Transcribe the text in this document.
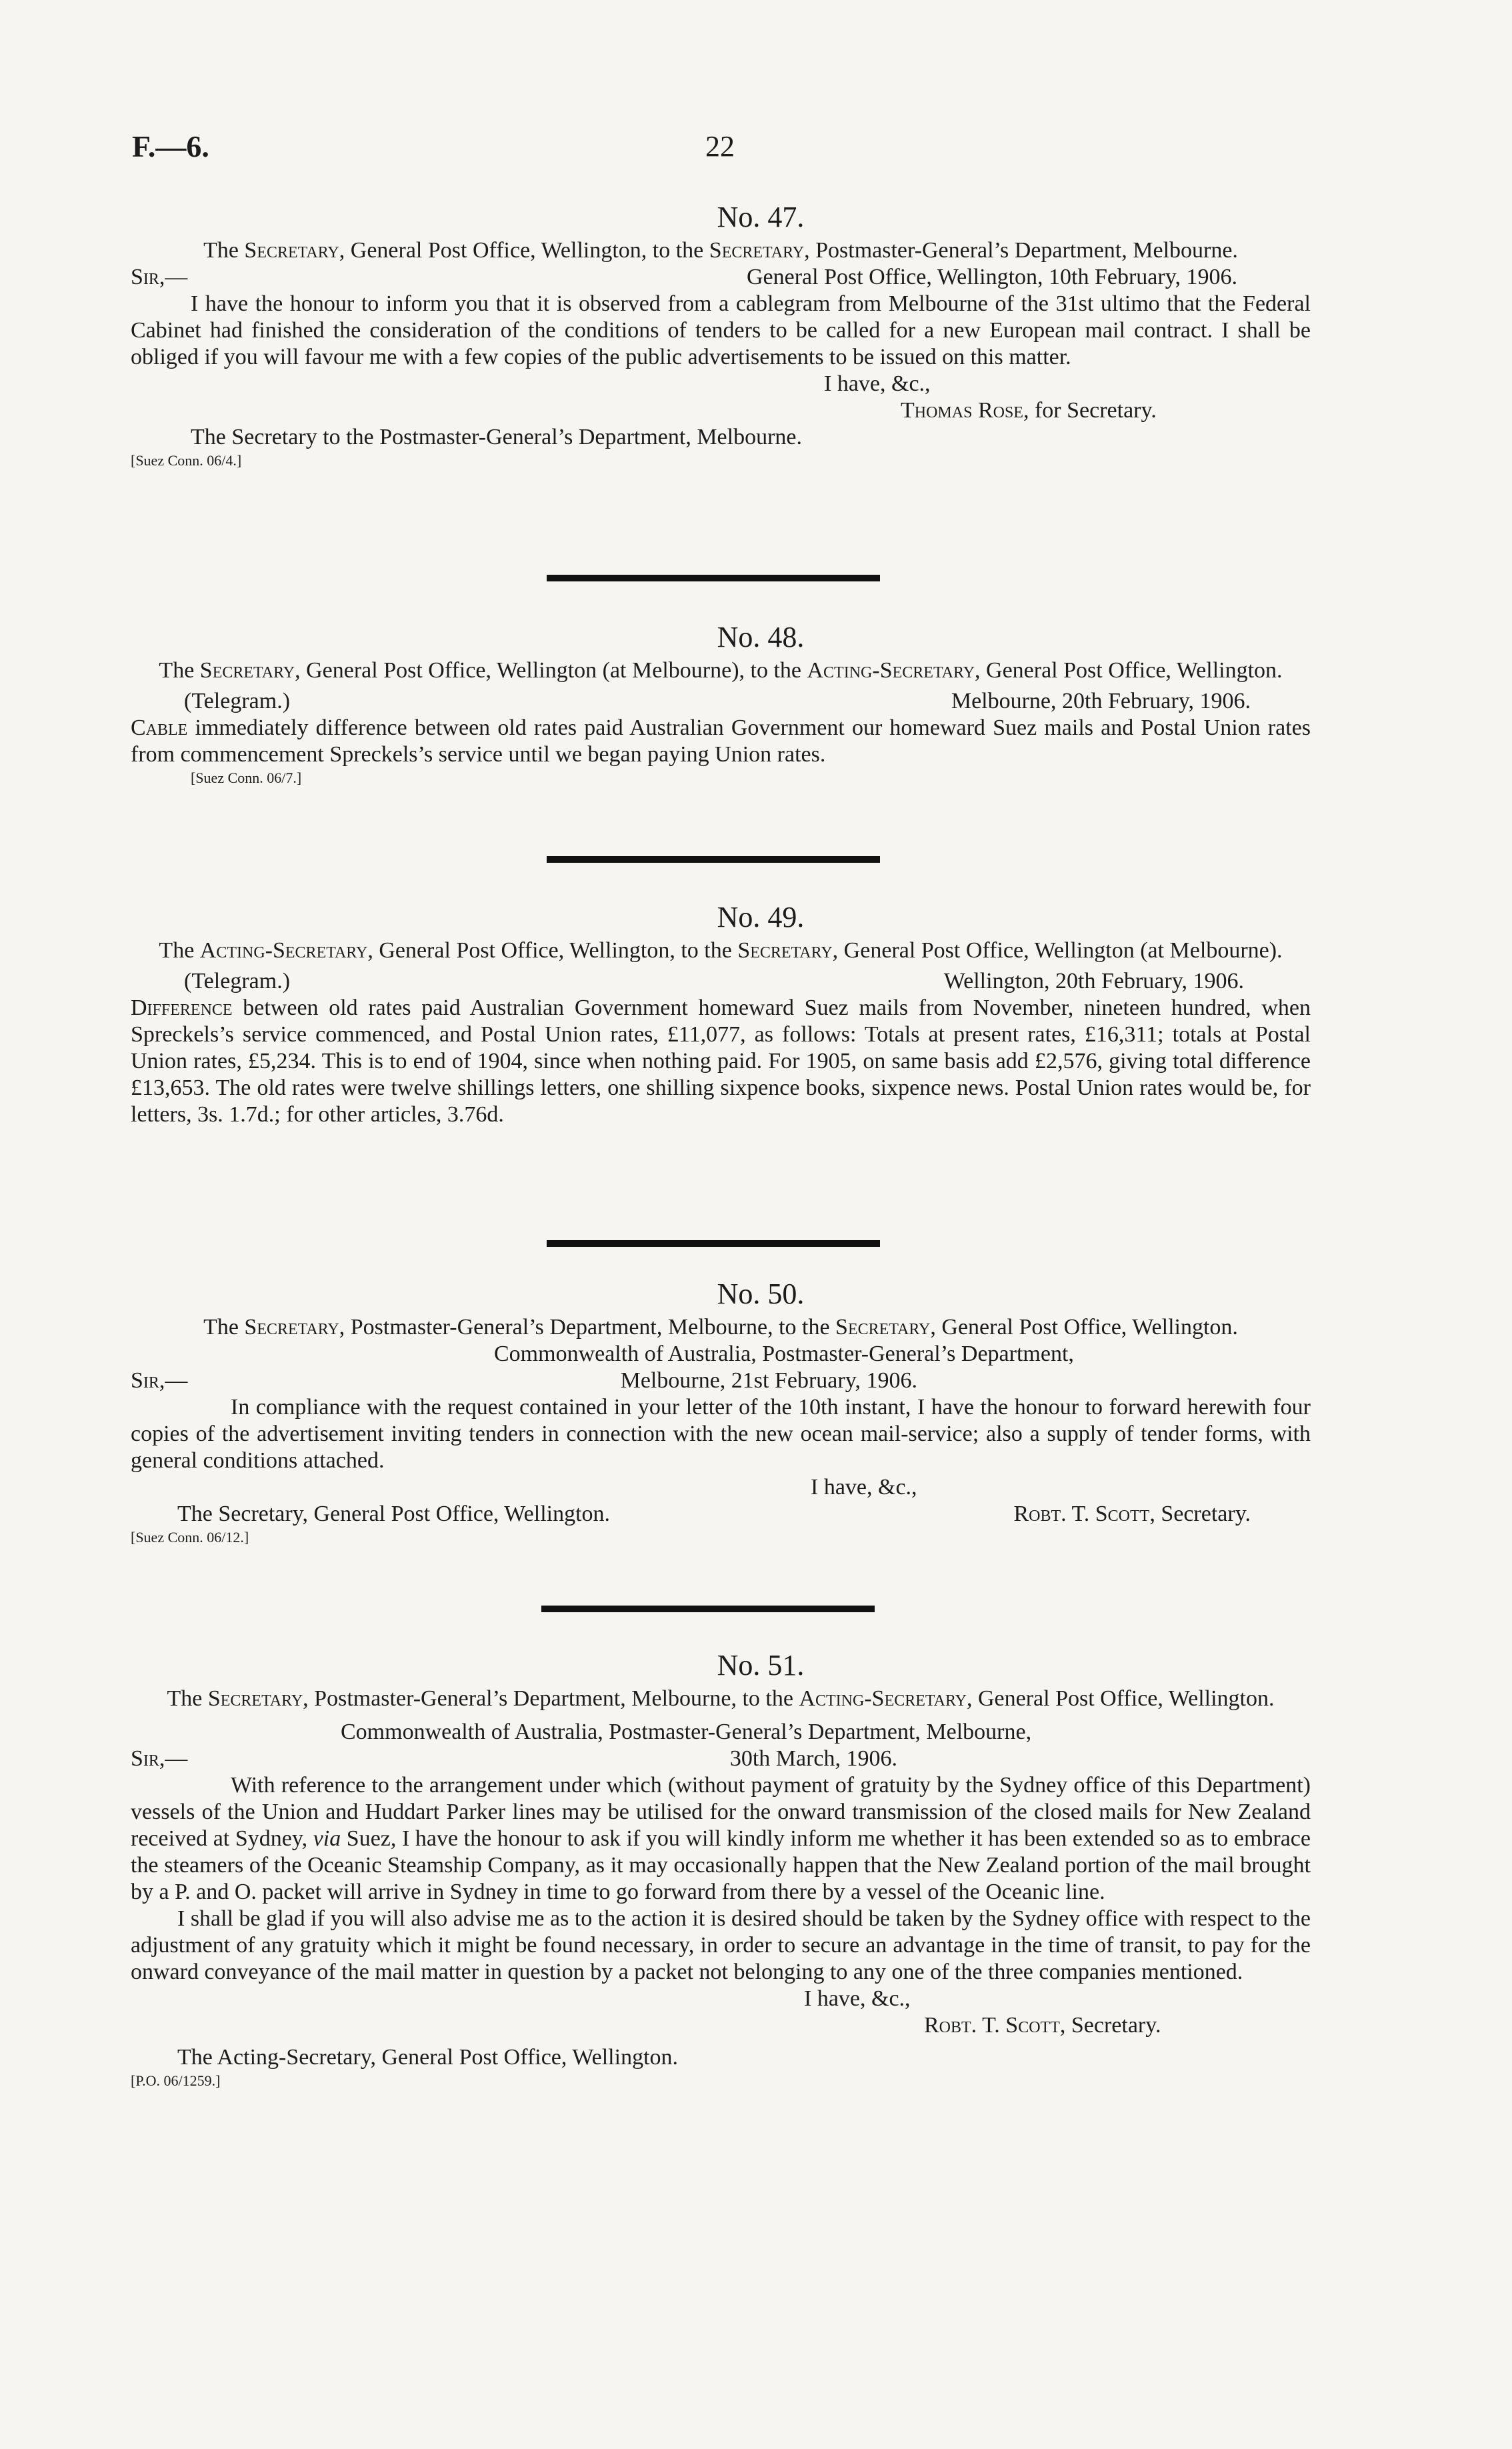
F.—6.	22
No. 47.
The Secretary, General Post Office, Wellington, to the Secretary, Postmaster-General’s Department, Melbourne.
Sir,—	General Post Office, Wellington, 10th February, 1906.
I have the honour to inform you that it is observed from a cablegram from Melbourne of the 31st ultimo that the Federal Cabinet had finished the consideration of the conditions of tenders to be called for a new European mail contract. I shall be obliged if you will favour me with a few copies of the public advertisements to be issued on this matter.
I have, &c.,
Thomas Rose, for Secretary.
The Secretary to the Postmaster-General’s Department, Melbourne.
[Suez Conn. 06/4.]
No. 48.
The Secretary, General Post Office, Wellington (at Melbourne), to the Acting-Secretary, General Post Office, Wellington.
(Telegram.)	Melbourne, 20th February, 1906.
Cable immediately difference between old rates paid Australian Government our homeward Suez mails and Postal Union rates from commencement Spreckels’s service until we began paying Union rates.
[Suez Conn. 06/7.]
No. 49.
The Acting-Secretary, General Post Office, Wellington, to the Secretary, General Post Office, Wellington (at Melbourne).
(Telegram.)	Wellington, 20th February, 1906.
Difference between old rates paid Australian Government homeward Suez mails from November, nineteen hundred, when Spreckels’s service commenced, and Postal Union rates, £11,077, as follows: Totals at present rates, £16,311; totals at Postal Union rates, £5,234. This is to end of 1904, since when nothing paid. For 1905, on same basis add £2,576, giving total difference £13,653. The old rates were twelve shillings letters, one shilling sixpence books, sixpence news. Postal Union rates would be, for letters, 3s. 1.7d.; for other articles, 3.76d.
No. 50.
The Secretary, Postmaster-General’s Department, Melbourne, to the Secretary, General Post Office, Wellington.
Commonwealth of Australia, Postmaster-General’s Department,
Sir,—	Melbourne, 21st February, 1906.
In compliance with the request contained in your letter of the 10th instant, I have the honour to forward herewith four copies of the advertisement inviting tenders in connection with the new ocean mail-service; also a supply of tender forms, with general conditions attached.
I have, &c.,
The Secretary, General Post Office, Wellington.	Robt. T. Scott, Secretary.
[Suez Conn. 06/12.]
No. 51.
The Secretary, Postmaster-General’s Department, Melbourne, to the Acting-Secretary, General Post Office, Wellington.
Commonwealth of Australia, Postmaster-General’s Department, Melbourne,
Sir,—	30th March, 1906.
With reference to the arrangement under which (without payment of gratuity by the Sydney office of this Department) vessels of the Union and Huddart Parker lines may be utilised for the onward transmission of the closed mails for New Zealand received at Sydney, via Suez, I have the honour to ask if you will kindly inform me whether it has been extended so as to embrace the steamers of the Oceanic Steamship Company, as it may occasionally happen that the New Zealand portion of the mail brought by a P. and O. packet will arrive in Sydney in time to go forward from there by a vessel of the Oceanic line.
I shall be glad if you will also advise me as to the action it is desired should be taken by the Sydney office with respect to the adjustment of any gratuity which it might be found necessary, in order to secure an advantage in the time of transit, to pay for the onward conveyance of the mail matter in question by a packet not belonging to any one of the three companies mentioned.
I have, &c.,
Robt. T. Scott, Secretary.
The Acting-Secretary, General Post Office, Wellington.
[P.O. 06/1259.]
